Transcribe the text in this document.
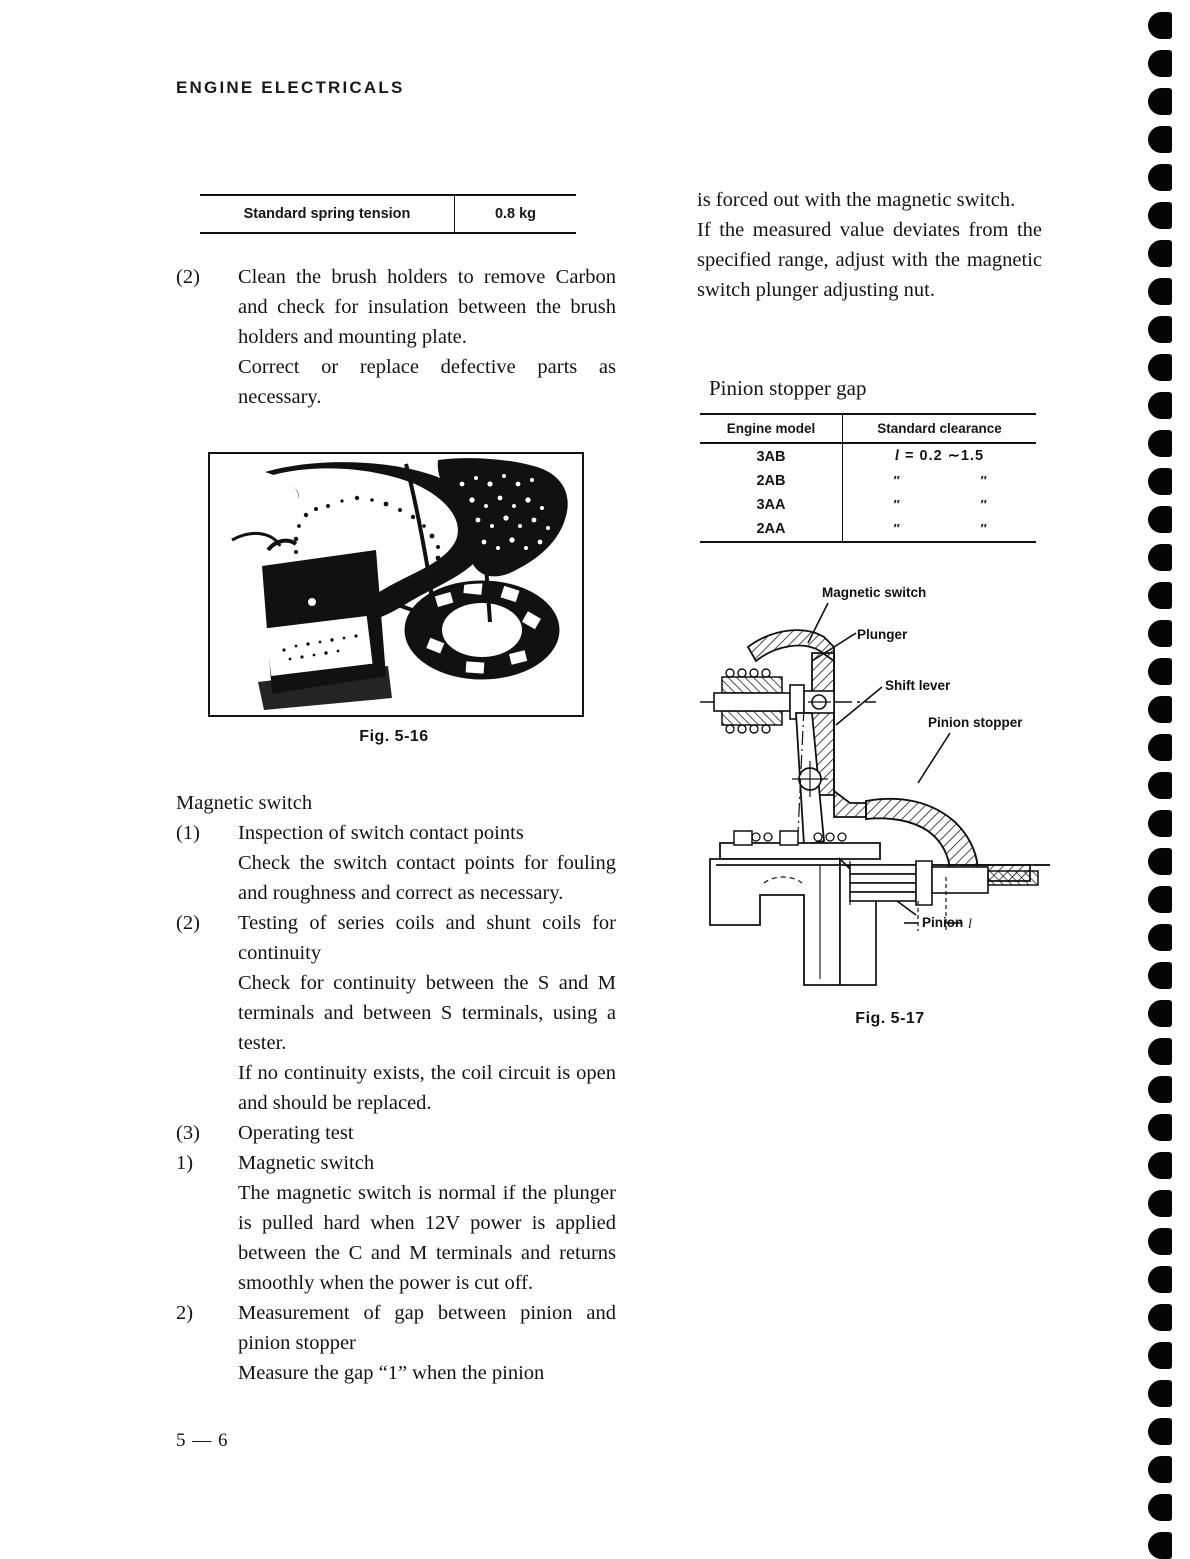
ENGINE ELECTRICALS
Standard spring tension	0.8 kg
(2)	Clean the brush holders to remove Carbon and check for insulation between the brush holders and mounting plate.
Correct or replace defective parts as necessary.
Fig. 5-16
Magnetic switch
(1)	Inspection of switch contact points
Check the switch contact points for fouling and roughness and correct as necessary.
(2)	Testing of series coils and shunt coils for continuity
Check for continuity between the S and M terminals and between S terminals, using a tester.
If no continuity exists, the coil circuit is open and should be replaced.
(3)	Operating test
1)	Magnetic switch
The magnetic switch is normal if the plunger is pulled hard when 12V power is applied between the C and M terminals and returns smoothly when the power is cut off.
2)	Measurement of gap between pinion and pinion stopper
Measure the gap “1” when the pinion
is forced out with the magnetic switch.
If the measured value deviates from the specified range, adjust with the magnetic switch plunger adjusting nut.
Pinion stopper gap
Engine model	Standard clearance
3AB	l = 0.2 ∼1.5
2AB	″ ″
3AA	″ ″
2AA	″ ″
l
Magnetic switch
Plunger
Shift lever
Pinion stopper
Pinion
Fig. 5-17
5 — 6
